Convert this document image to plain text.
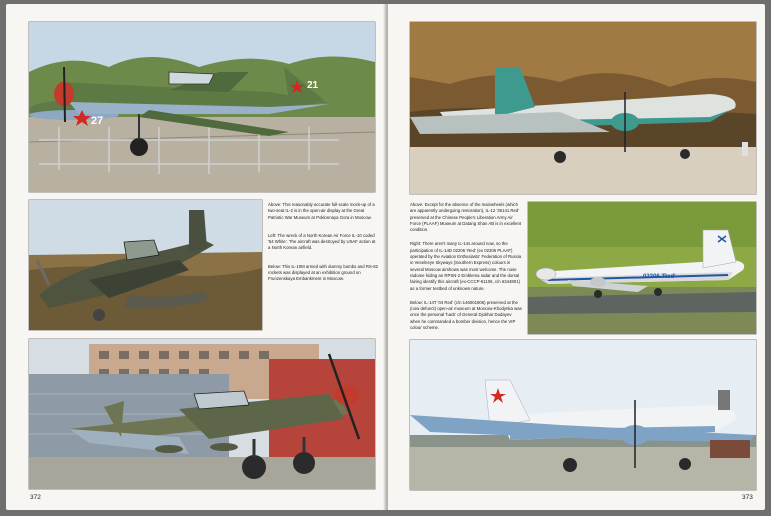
27
21

Above: This reasonably accurate full-scale mock-up of a two-seat IL-2 is in the open-air display at the Great Patriotic War Museum at Poklonnaya Gora in Moscow.

Left: The wreck of a North Korean Air Force IL-10 coded '54 White'. The aircraft was destroyed by USAF action at a North Korean airfield.

Below: This IL-10M armed with dummy bombs and RS-82 rockets was displayed at an exhibition ground on Frunzenskaya Embankment in Moscow.

372
02206 'Red'

Above: Except for the absence of the mainwheels (which are apparently undergoing restoration), IL-12 '35141 Red' preserved at the Chinese People's Liberation Army Air Force (PLAAF) Museum at Datang Shan AB is in excellent condition.

Right: There aren't many IL-14s around now, so the participation of IL-14D 02206 'Red' (ex 02206 PLAAF) operated by the Aviation Enthusiasts' Federation of Russia in Veselneye Skyways (Southern Express) colours in several Moscow airshows was most welcome. The nose radome hiding an RPSN-2 Emblema radar and the dorsal fairing identify this aircraft (ex-CCCP-61106, c/n 6344801) as a former testbed of unknown nature.

Below: IL-14T '04 Red' (c/n 146001906) preserved at the (now defunct) open-air museum at Moscow-Khodynka was once the personal 'hack' of General Djokhar Dudayev when he commanded a bomber division, hence the VIP colour scheme.

373
